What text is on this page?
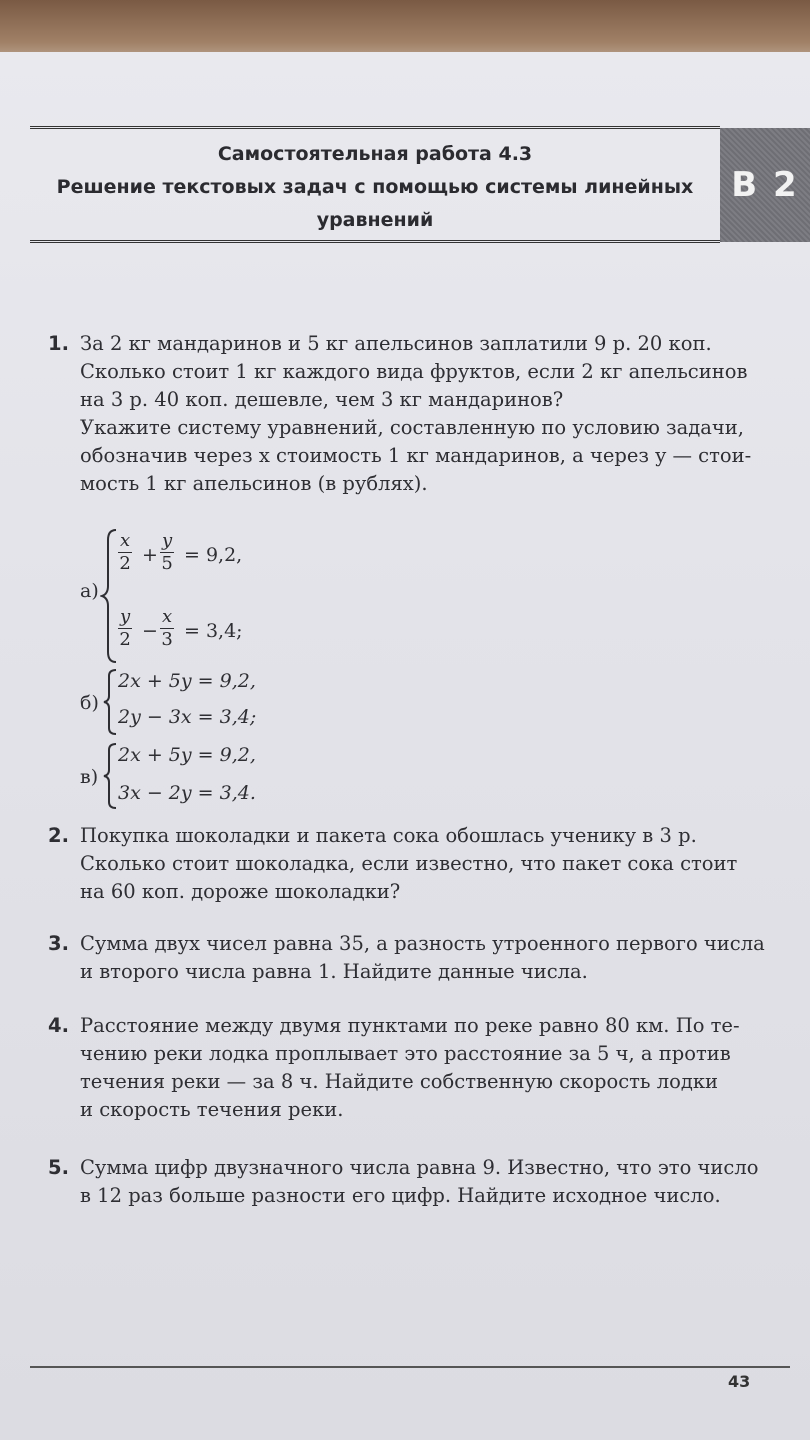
Самостоятельная работа 4.3
Решение текстовых задач с помощью системы линейных
уравнений
В 2
1. За 2 кг мандаринов и 5 кг апельсинов заплатили 9 р. 20 коп.

Сколько стоит 1 кг каждого вида фруктов, если 2 кг апельсинов

на 3 р. 40 коп. дешевле, чем 3 кг мандаринов?

Укажите систему уравнений, составленную по условию задачи,

обозначив через x стоимость 1 кг мандаринов, а через y — стои-

мость 1 кг апельсинов (в рублях).

а)
$\frac{x}{2} + \frac{y}{5} = 9,2$,
$\frac{y}{2} - \frac{x}{3} = 3,4$;
б)
2x + 5y = 9,2,
2y − 3x = 3,4;
в)
2x + 5y = 9,2,
3x − 2y = 3,4.
2. Покупка шоколадки и пакета сока обошлась ученику в 3 р.

Сколько стоит шоколадка, если известно, что пакет сока стоит

на 60 коп. дороже шоколадки?

3. Сумма двух чисел равна 35, а разность утроенного первого числа

и второго числа равна 1. Найдите данные числа.

4. Расстояние между двумя пунктами по реке равно 80 км. По те-

чению реки лодка проплывает это расстояние за 5 ч, а против

течения реки — за 8 ч. Найдите собственную скорость лодки

и скорость течения реки.

5. Сумма цифр двузначного числа равна 9. Известно, что это число

в 12 раз больше разности его цифр. Найдите исходное число.

43
